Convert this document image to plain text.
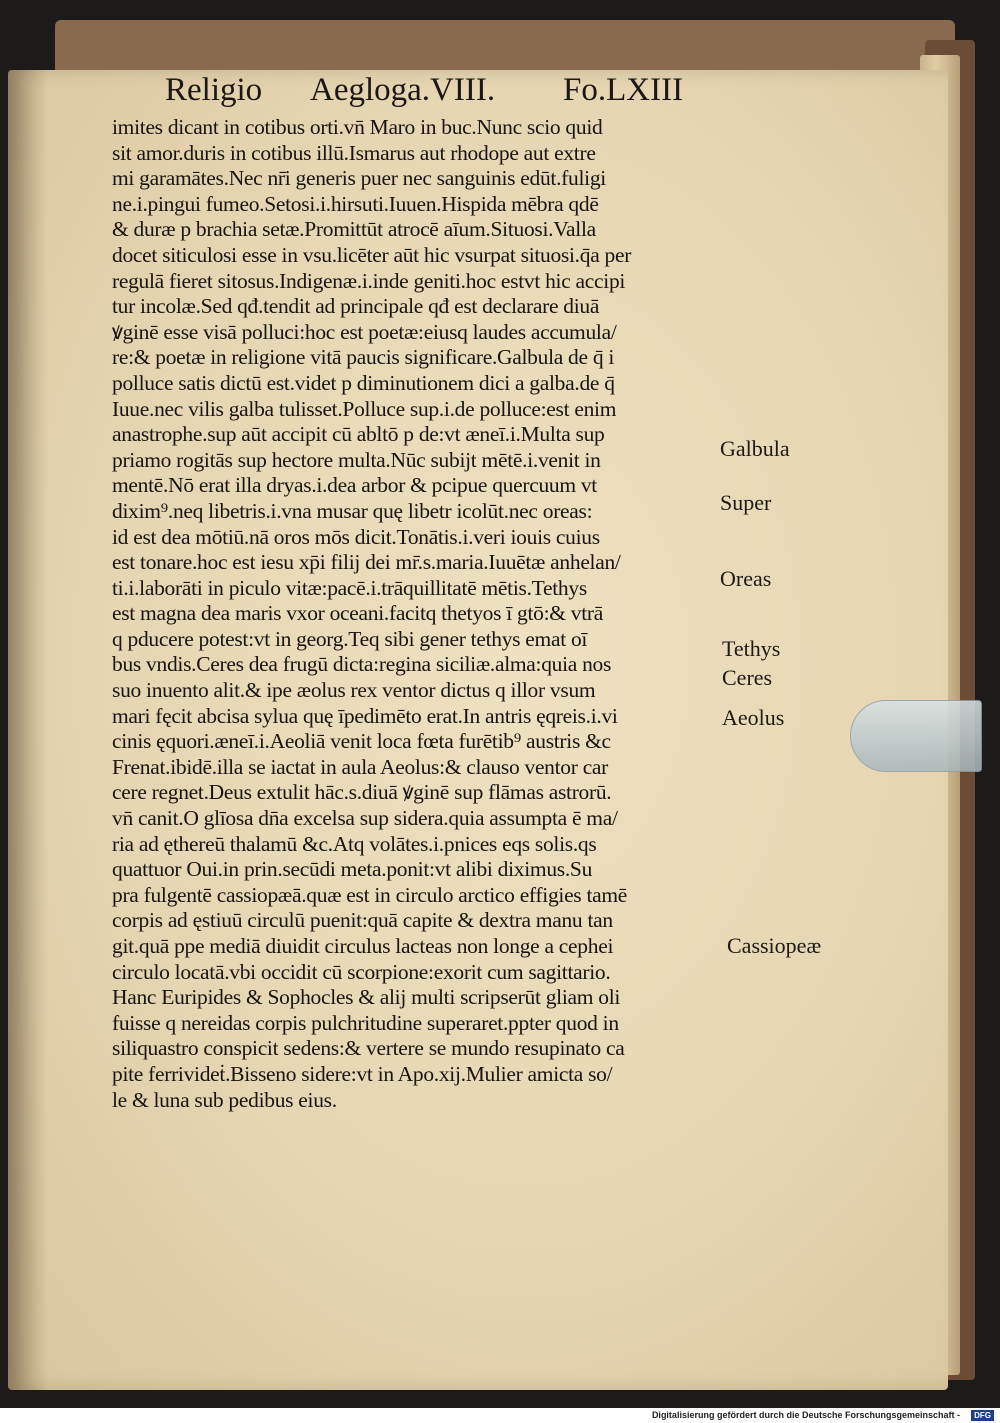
Religio Aegloga.VIII. Fo.LXIII
imites dicant in cotibus orti.vn̄ Maro in buc.Nunc scio quid
sit amor.duris in cotibus illū.Ismarus aut rhodope aut extre
mi garamātes.Nec nr̄i generis puer nec sanguinis edūt.fuligi
ne.i.pingui fumeo.Setosi.i.hirsuti.Iuuen.Hispida mēbra qdē
& duræ p brachia setæ.Promittūt atrocē aīum.Situosi.Valla
docet siticulosi esse in vsu.licēter aūt hic vsurpat situosi.q̄a per
regulā fieret sitosus.Indigenæ.i.inde geniti.hoc estvt hic accipi
tur incolæ.Sed qđ.tendit ad principale qđ est declarare diuā
ꝟginē esse visā polluci:hoc est poetæ:eiusq laudes accumula/
re:& poetæ in religione vitā paucis significare.Galbula de q̄ i
polluce satis dictū est.videt p diminutionem dici a galba.de q̄
Iuue.nec vilis galba tulisset.Polluce sup.i.de polluce:est enim
anastrophe.sup aūt accipit cū abltō p de:vt æneī.i.Multa sup
priamo rogitās sup hectore multa.Nūc subijt mētē.i.venit in
mentē.Nō erat illa dryas.i.dea arbor & pcipue quercuum vt
dixim⁹.neq libetris.i.vna musar quę libetr icolūt.nec oreas:
id est dea mōtiū.nā oros mōs dicit.Tonātis.i.veri iouis cuius
est tonare.hoc est iesu xp̄i filij dei mr̄.s.maria.Iuuētæ anhelan/
ti.i.laborāti in piculo vitæ:pacē.i.trāquillitatē mētis.Tethys
est magna dea maris vxor oceani.facitq thetyos ī gtō:& vtrā
q pducere potest:vt in georg.Teq sibi gener tethys emat oī
bus vndis.Ceres dea frugū dicta:regina siciliæ.alma:quia nos
suo inuento alit.& ipe æolus rex ventor dictus q illor vsum
mari fęcit abcisa sylua quę īpedimēto erat.In antris ęqreis.i.vi
cinis ęquori.æneī.i.Aeoliā venit loca fœta furētib⁹ austris &c
Frenat.ibidē.illa se iactat in aula Aeolus:& clauso ventor car
cere regnet.Deus extulit hāc.s.diuā ꝟginē sup flāmas astrorū.
vn̄ canit.O glīosa dn̄a excelsa sup sidera.quia assumpta ē ma/
ria ad ęthereū thalamū &c.Atq volātes.i.pnices eqs solis.qs
quattuor Oui.in prin.secūdi meta.ponit:vt alibi diximus.Su
pra fulgentē cassiopæā.quæ est in circulo arctico effigies tamē
corpis ad ęstiuū circulū puenit:quā capite & dextra manu tan
git.quā ppe mediā diuidit circulus lacteas non longe a cephei
circulo locatā.vbi occidit cū scorpione:exorit cum sagittario.
Hanc Euripides & Sophocles & alij multi scripserūt gliam oli
fuisse q nereidas corpis pulchritudine superaret.ppter quod in
siliquastro conspicit sedens:& vertere se mundo resupinato ca
pite ferrivideṫ.Bisseno sidere:vt in Apo.xij.Mulier amicta so/
le & luna sub pedibus eius.
Galbula
Super
Oreas
Tethys
Ceres
Aeolus
Cassiopeæ
Digitalisierung gefördert durch die Deutsche Forschungsgemeinschaft -	DFG
